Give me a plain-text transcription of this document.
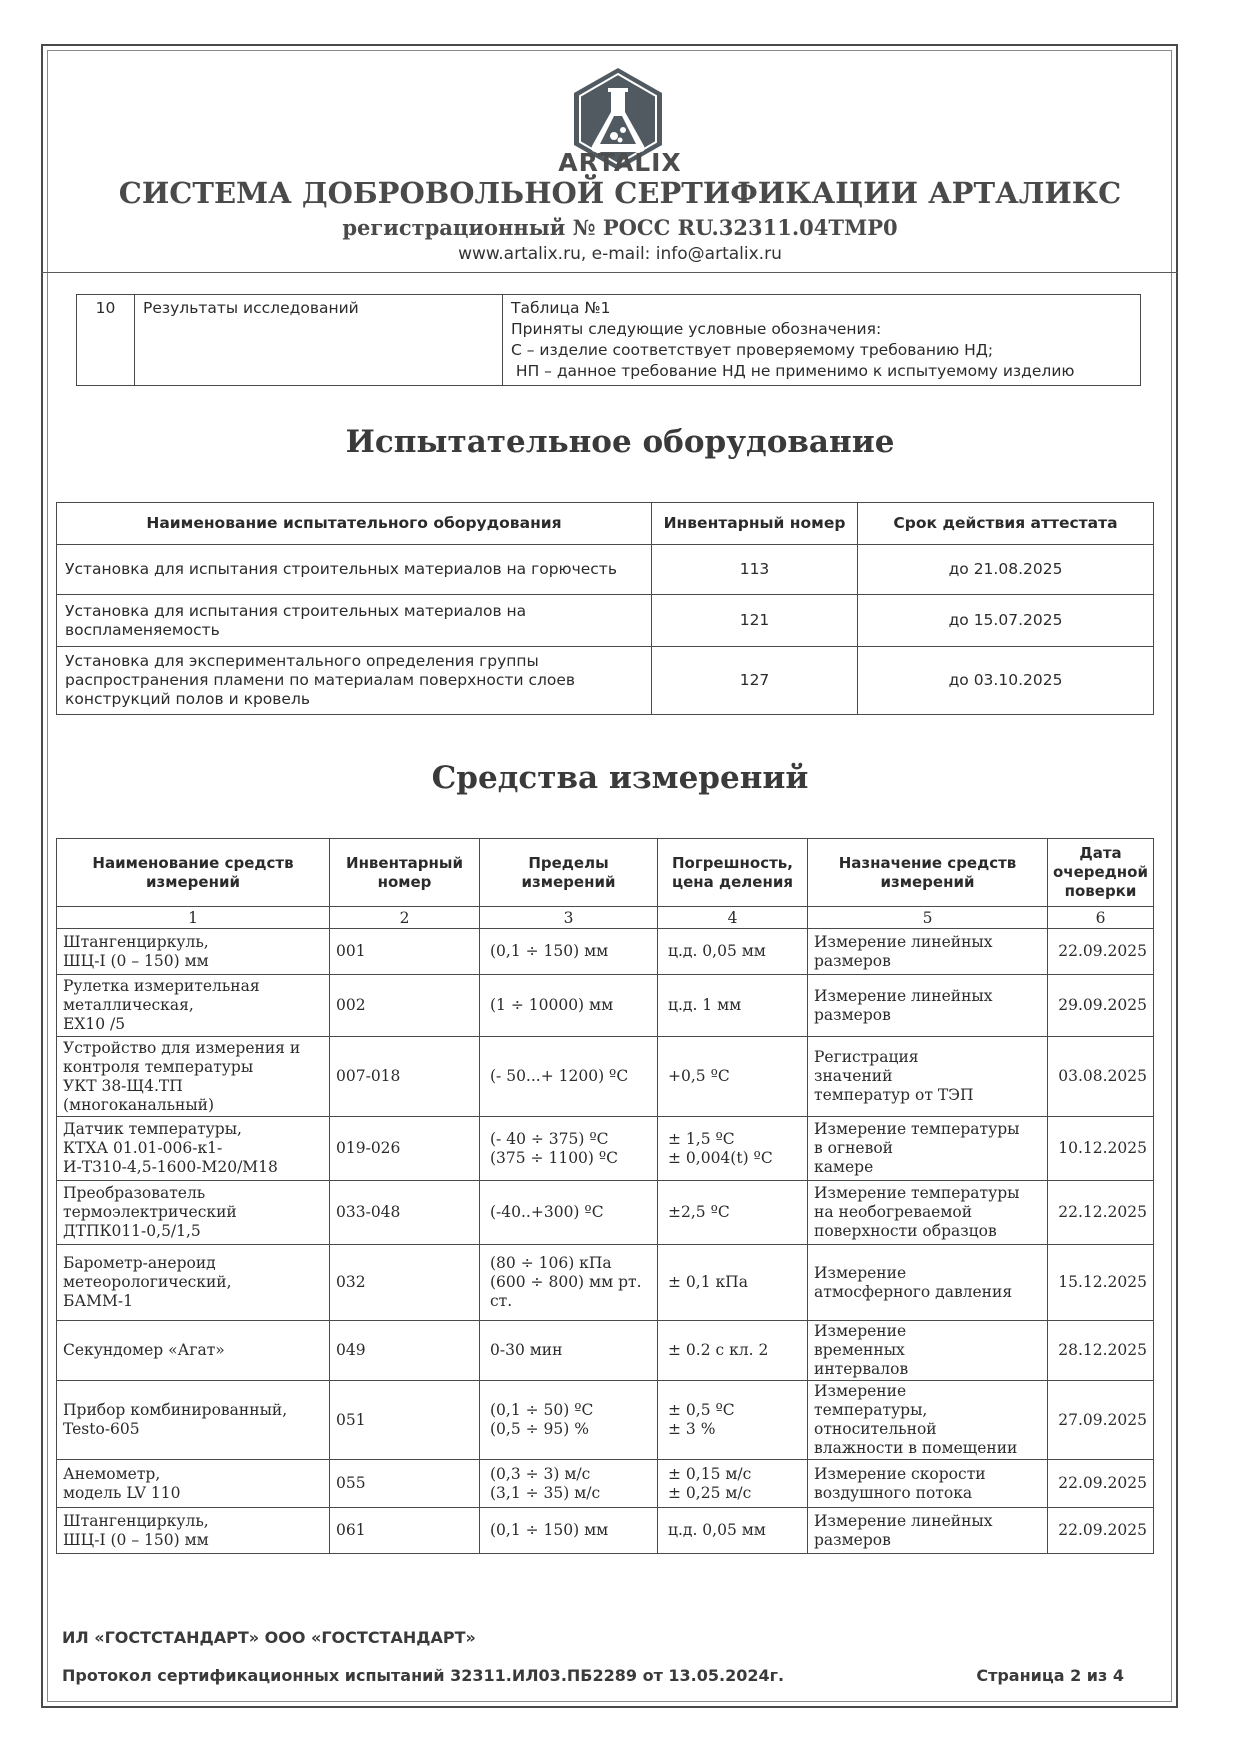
ARTALIX
СИСТЕМА ДОБРОВОЛЬНОЙ СЕРТИФИКАЦИИ АРТАЛИКС
регистрационный № РОСС RU.32311.04ТМР0
www.artalix.ru, e-mail: info@artalix.ru
10	Результаты исследований	Таблица №1
Приняты следующие условные обозначения:
С – изделие соответствует проверяемому требованию НД;
НП – данное требование НД не применимо к испытуемому изделию
Испытательное оборудование
Наименование испытательного оборудования	Инвентарный номер	Срок действия аттестата
Установка для испытания строительных материалов на горючесть	113	до 21.08.2025
Установка для испытания строительных материалов на воспламеняемость	121	до 15.07.2025
Установка для экспериментального определения группы распространения пламени по материалам поверхности слоев конструкций полов и кровель	127	до 03.10.2025
Средства измерений
Наименование средств измерений	Инвентарный номер	Пределы измерений	Погрешность, цена деления	Назначение средств измерений	Дата очередной поверки
1	2	3	4	5	6
Штангенциркуль,
ШЦ-I (0 – 150) мм	001	(0,1 ÷ 150) мм	ц.д. 0,05 мм	Измерение линейных
размеров	22.09.2025
Рулетка измерительная
металлическая,
EX10 /5	002	(1 ÷ 10000) мм	ц.д. 1 мм	Измерение линейных
размеров	29.09.2025
Устройство для измерения и
контроля температуры
УКТ 38-Щ4.ТП
(многоканальный)	007-018	(- 50...+ 1200) ºС	+0,5 ºС	Регистрация
значений
температур от ТЭП	03.08.2025
Датчик температуры,
КТХА 01.01-006-к1-
И-Т310-4,5-1600-М20/М18	019-026	(- 40 ÷ 375) ºС
(375 ÷ 1100) ºС	± 1,5 ºС
± 0,004(t) ºС	Измерение температуры
в огневой
камере	10.12.2025
Преобразователь
термоэлектрический
ДТПК011-0,5/1,5	033-048	(-40..+300) ºС	±2,5 ºС	Измерение температуры
на необогреваемой
поверхности образцов	22.12.2025
Барометр-анероид
метеорологический,
БАММ-1	032	(80 ÷ 106) кПа
(600 ÷ 800) мм рт.
ст.	± 0,1 кПа	Измерение
атмосферного давления	15.12.2025
Секундомер «Агат»	049	0-30 мин	± 0.2 с кл. 2	Измерение
временных
интервалов	28.12.2025
Прибор комбинированный,
Testo-605	051	(0,1 ÷ 50) ºС
(0,5 ÷ 95) %	± 0,5 ºС
± 3 %	Измерение
температуры,
относительной
влажности в помещении	27.09.2025
Анемометр,
модель LV 110	055	(0,3 ÷ 3) м/с
(3,1 ÷ 35) м/с	± 0,15 м/с
± 0,25 м/с	Измерение скорости
воздушного потока	22.09.2025
Штангенциркуль,
ШЦ-I (0 – 150) мм	061	(0,1 ÷ 150) мм	ц.д. 0,05 мм	Измерение линейных
размеров	22.09.2025
ИЛ «ГОСТСТАНДАРТ» ООО «ГОСТСТАНДАРТ»
Протокол сертификационных испытаний 32311.ИЛ03.ПБ2289 от 13.05.2024г.	Страница 2 из 4
